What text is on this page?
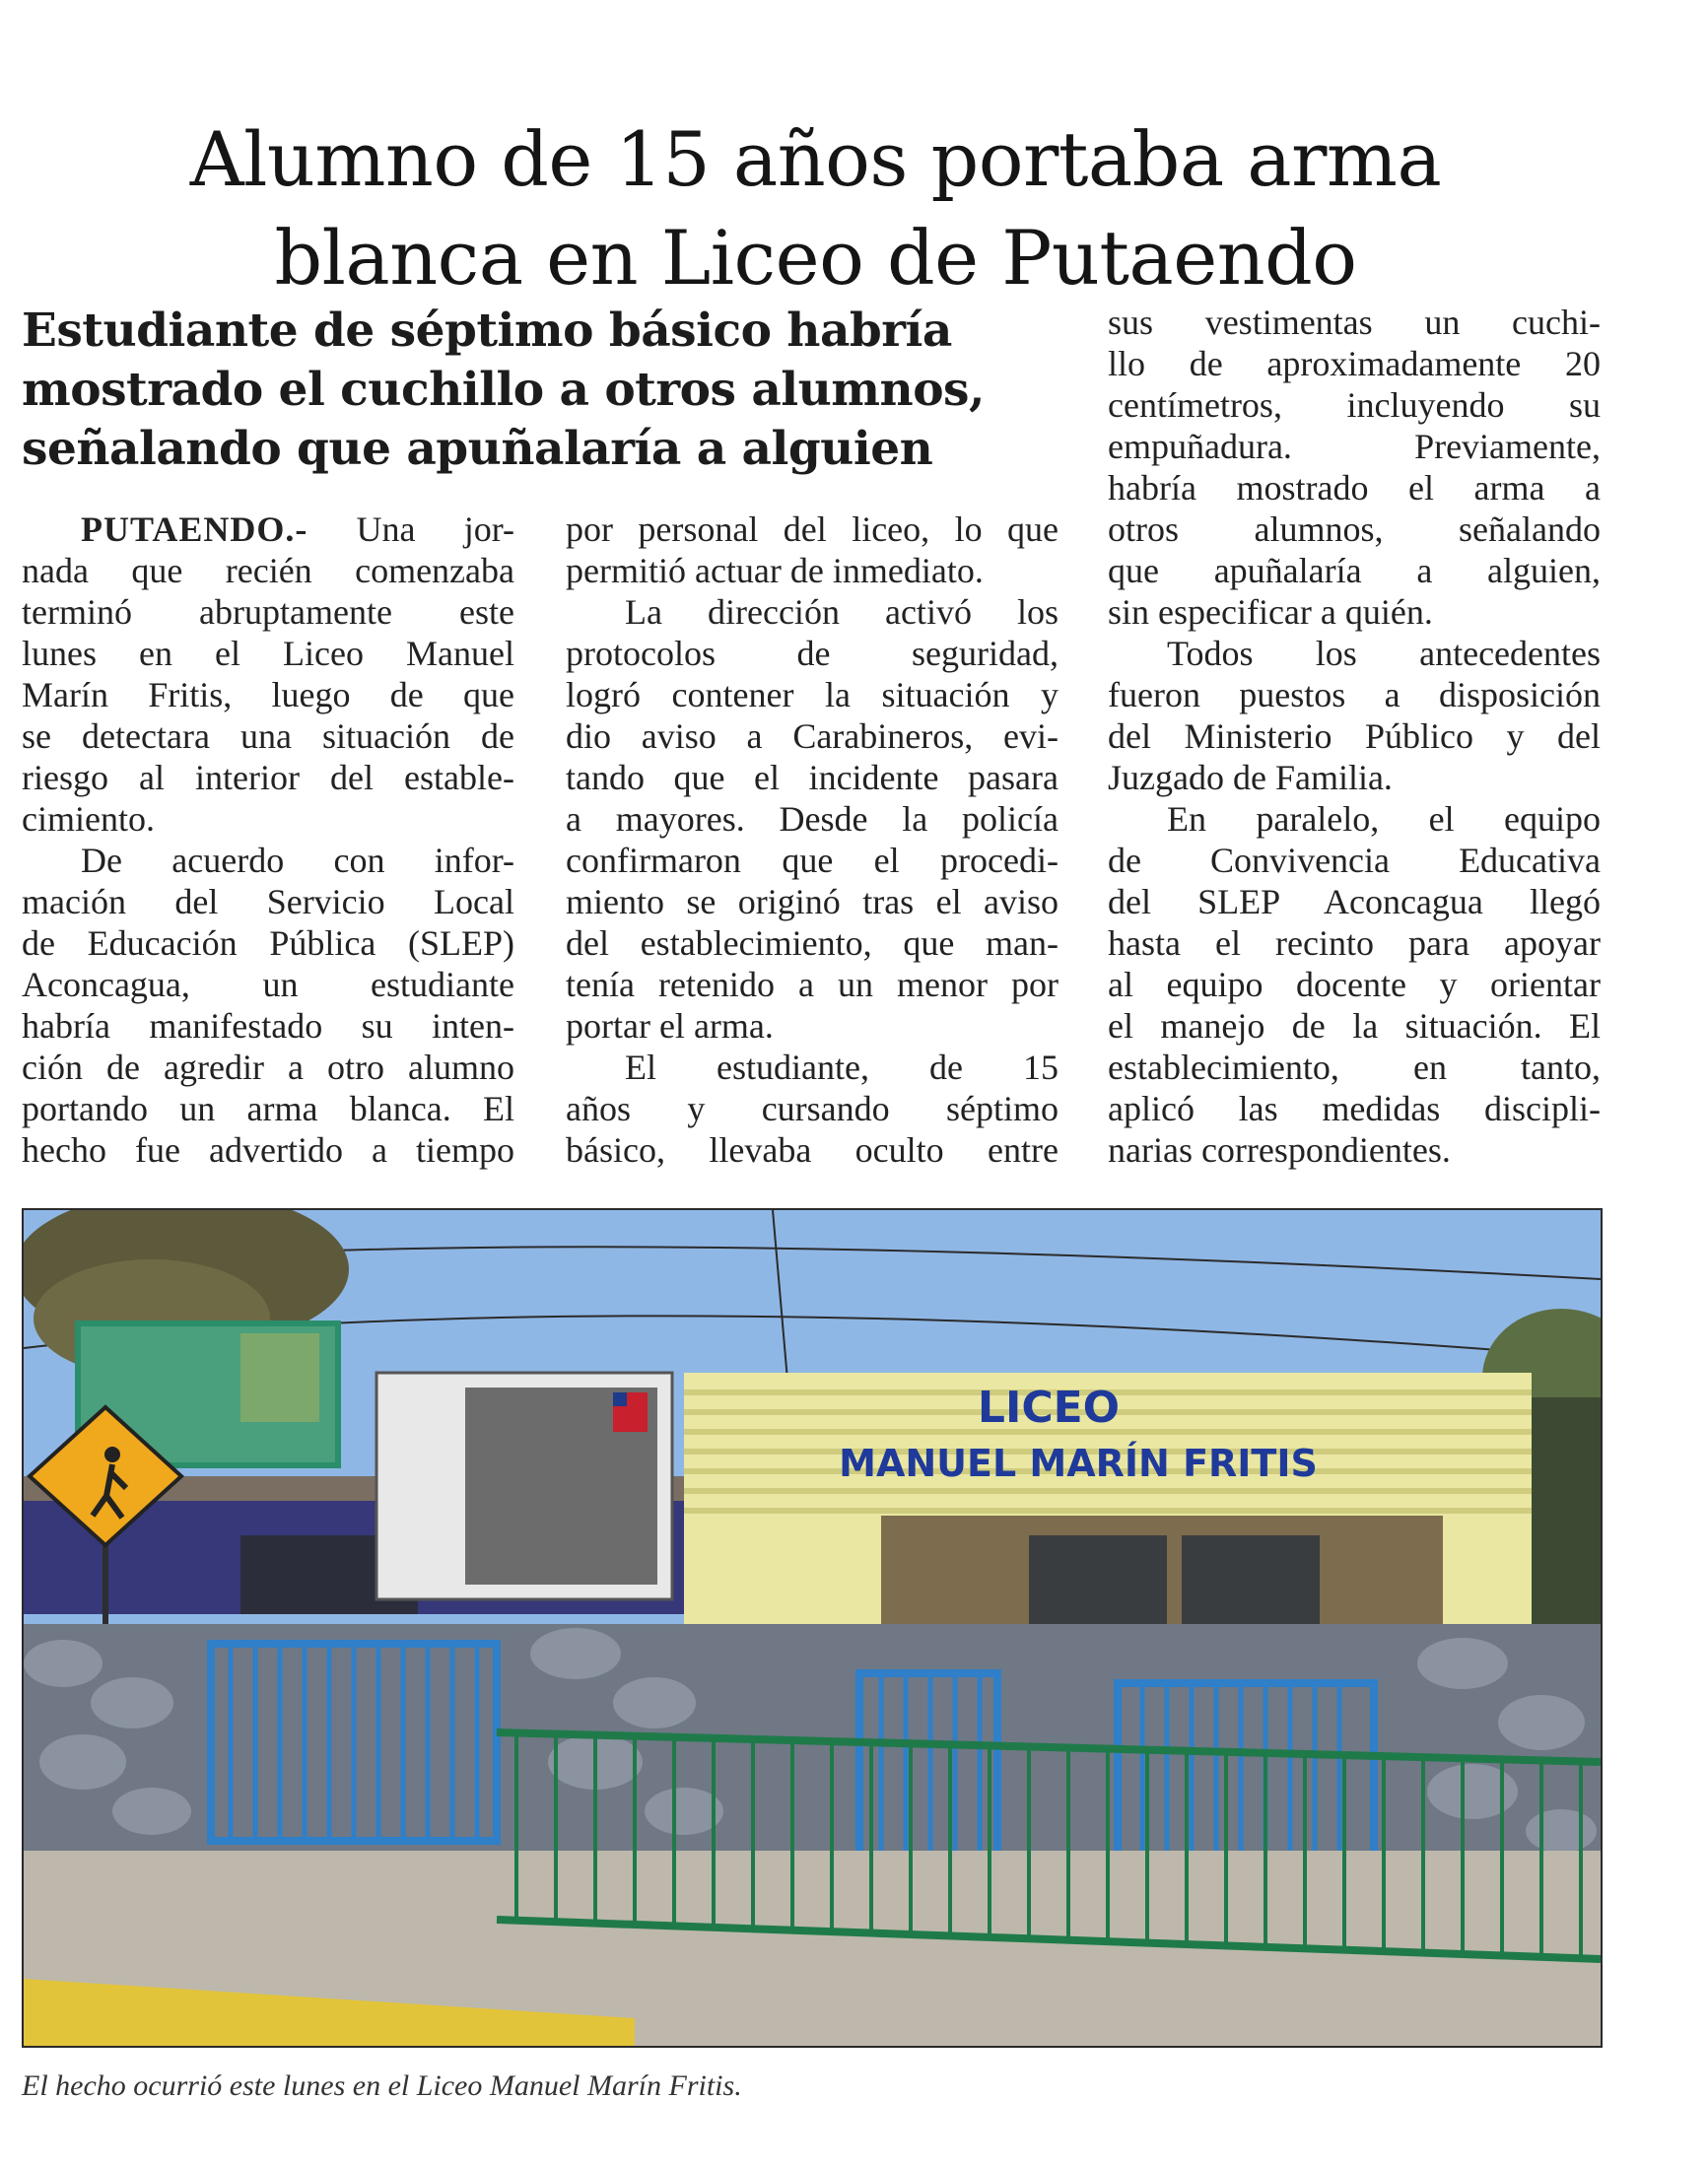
Alumno de 15 años portaba arma
blanca en Liceo de Putaendo
Estudiante de séptimo básico habría
mostrado el cuchillo a otros alumnos,
señalando que apuñalaría a alguien
PUTAENDO.- Una jor-
nada que recién comenzaba
terminó abruptamente este
lunes en el Liceo Manuel
Marín Fritis, luego de que
se detectara una situación de
riesgo al interior del estable-
cimiento.
De acuerdo con infor-
mación del Servicio Local
de Educación Pública (SLEP)
Aconcagua, un estudiante
habría manifestado su inten-
ción de agredir a otro alumno
portando un arma blanca. El
hecho fue advertido a tiempo
por personal del liceo, lo que
permitió actuar de inmediato.
La dirección activó los
protocolos de seguridad,
logró contener la situación y
dio aviso a Carabineros, evi-
tando que el incidente pasara
a mayores. Desde la policía
confirmaron que el procedi-
miento se originó tras el aviso
del establecimiento, que man-
tenía retenido a un menor por
portar el arma.
El estudiante, de 15
años y cursando séptimo
básico, llevaba oculto entre
sus vestimentas un cuchi-
llo de aproximadamente 20
centímetros, incluyendo su
empuñadura. Previamente,
habría mostrado el arma a
otros alumnos, señalando
que apuñalaría a alguien,
sin especificar a quién.
Todos los antecedentes
fueron puestos a disposición
del Ministerio Público y del
Juzgado de Familia.
En paralelo, el equipo
de Convivencia Educativa
del SLEP Aconcagua llegó
hasta el recinto para apoyar
al equipo docente y orientar
el manejo de la situación. El
establecimiento, en tanto,
aplicó las medidas discipli-
narias correspondientes.
LICEO
MANUEL MARÍN FRITIS
El hecho ocurrió este lunes en el Liceo Manuel Marín Fritis.
